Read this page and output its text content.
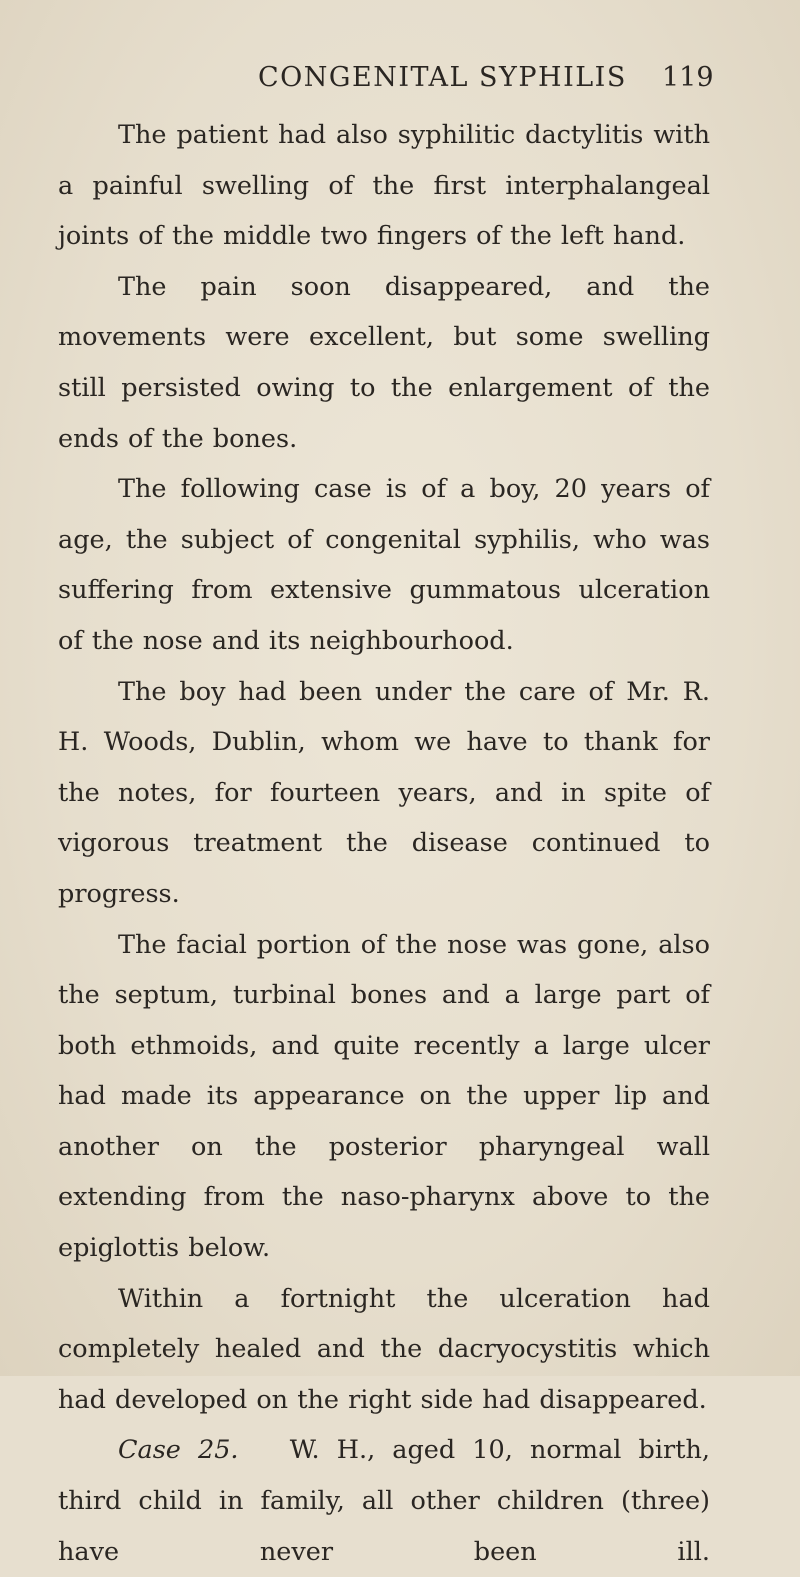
CONGENITAL SYPHILIS 119

The patient had also syphilitic dactylitis with a painful swelling of the first interphalangeal joints of the middle two fingers of the left hand.

The pain soon disappeared, and the movements were excellent, but some swelling still persisted owing to the enlargement of the ends of the bones.

The following case is of a boy, 20 years of age, the subject of congenital syphilis, who was suffering from extensive gummatous ulceration of the nose and its neighbourhood.

The boy had been under the care of Mr. R. H. Woods, Dublin, whom we have to thank for the notes, for fourteen years, and in spite of vigorous treatment the disease continued to progress.

The facial portion of the nose was gone, also the septum, turbinal bones and a large part of both ethmoids, and quite recently a large ulcer had made its appearance on the upper lip and another on the posterior pharyngeal wall extending from the naso-pharynx above to the epiglottis below.

Within a fortnight the ulceration had completely healed and the dacryocystitis which had developed on the right side had disappeared.

Case 25. W. H., aged 10, normal birth, third child in family, all other children (three) have never been ill.
